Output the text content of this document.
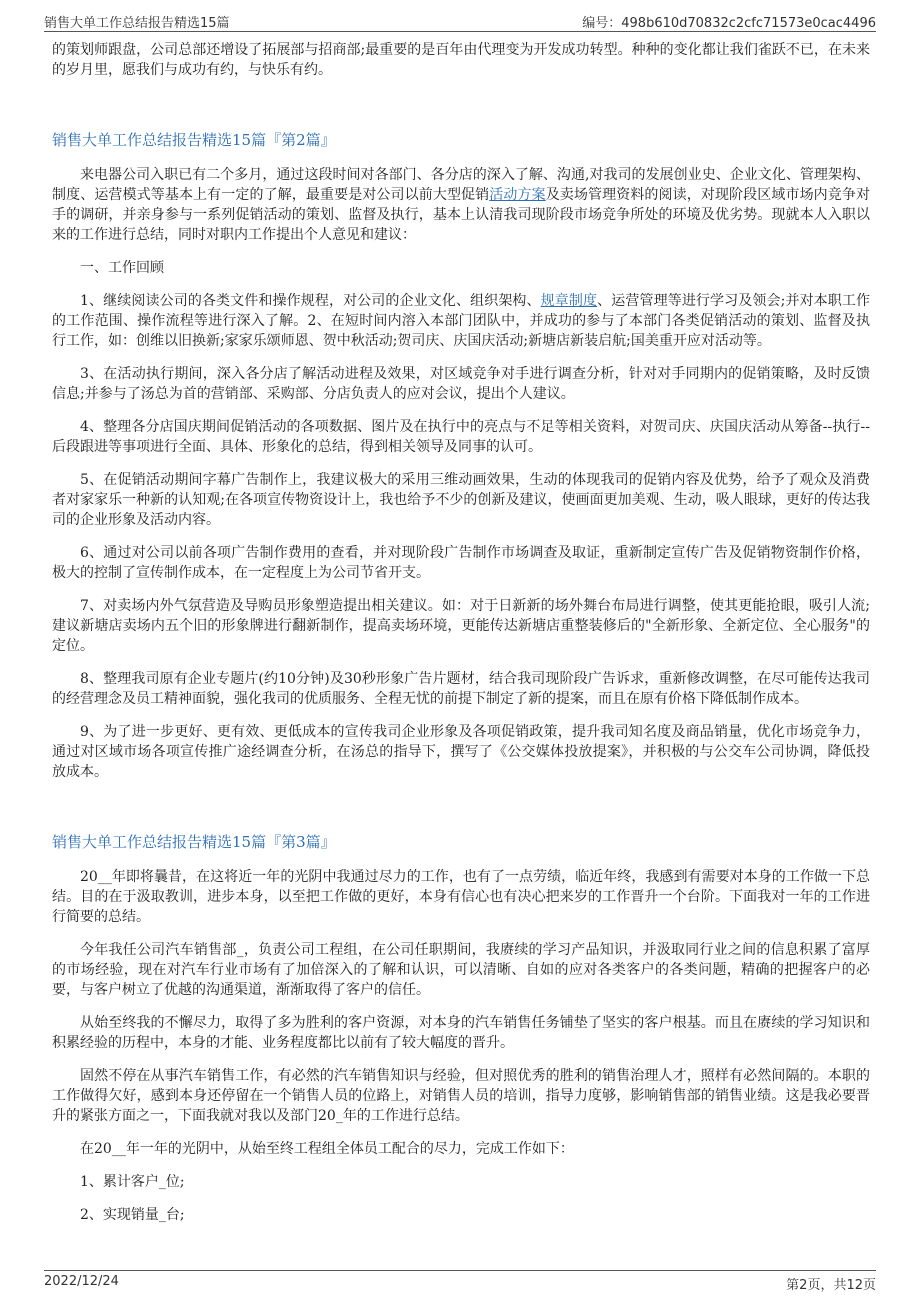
销售大单工作总结报告精选15篇	编号：498b610d70832c2cfc71573e0cac4496

的策划师跟盘，公司总部还增设了拓展部与招商部;最重要的是百年由代理变为开发成功转型。种种的变化都让我们雀跃不已，在未来的岁月里，愿我们与成功有约，与快乐有约。

销售大单工作总结报告精选15篇『第2篇』

来电器公司入职已有二个多月，通过这段时间对各部门、各分店的深入了解、沟通,对我司的发展创业史、企业文化、管理架构、制度、运营模式等基本上有一定的了解，最重要是对公司以前大型促销活动方案及卖场管理资料的阅读，对现阶段区域市场内竞争对手的调研，并亲身参与一系列促销活动的策划、监督及执行，基本上认清我司现阶段市场竞争所处的环境及优劣势。现就本人入职以来的工作进行总结，同时对职内工作提出个人意见和建议：

一、工作回顾

1、继续阅读公司的各类文件和操作规程，对公司的企业文化、组织架构、规章制度、运营管理等进行学习及领会;并对本职工作的工作范围、操作流程等进行深入了解。2、在短时间内溶入本部门团队中，并成功的参与了本部门各类促销活动的策划、监督及执行工作，如：创维以旧换新;家家乐颂师恩、贺中秋活动;贺司庆、庆国庆活动;新塘店新装启航;国美重开应对活动等。

3、在活动执行期间，深入各分店了解活动进程及效果，对区域竞争对手进行调查分析，针对对手同期内的促销策略，及时反馈信息;并参与了汤总为首的营销部、采购部、分店负责人的应对会议，提出个人建议。

4、整理各分店国庆期间促销活动的各项数据、图片及在执行中的亮点与不足等相关资料，对贺司庆、庆国庆活动从筹备--执行--后段跟进等事项进行全面、具体、形象化的总结，得到相关领导及同事的认可。

5、在促销活动期间字幕广告制作上，我建议极大的采用三维动画效果，生动的体现我司的促销内容及优势，给予了观众及消费者对家家乐一种新的认知观;在各项宣传物资设计上，我也给予不少的创新及建议，使画面更加美观、生动，吸人眼球，更好的传达我司的企业形象及活动内容。

6、通过对公司以前各项广告制作费用的查看，并对现阶段广告制作市场调查及取证，重新制定宣传广告及促销物资制作价格，极大的控制了宣传制作成本，在一定程度上为公司节省开支。

7、对卖场内外气氛营造及导购员形象塑造提出相关建议。如：对于日新新的场外舞台布局进行调整，使其更能抢眼，吸引人流;建议新塘店卖场内五个旧的形象牌进行翻新制作，提高卖场环境，更能传达新塘店重整装修后的"全新形象、全新定位、全心服务"的定位。

8、整理我司原有企业专题片(约10分钟)及30秒形象广告片题材，结合我司现阶段广告诉求，重新修改调整，在尽可能传达我司的经营理念及员工精神面貌，强化我司的优质服务、全程无忧的前提下制定了新的提案，而且在原有价格下降低制作成本。

9、为了进一步更好、更有效、更低成本的宣传我司企业形象及各项促销政策，提升我司知名度及商品销量，优化市场竞争力，通过对区域市场各项宣传推广途经调查分析，在汤总的指导下，撰写了《公交媒体投放提案》，并积极的与公交车公司协调，降低投放成本。

销售大单工作总结报告精选15篇『第3篇』

20__年即将曩昔，在这将近一年的光阴中我通过尽力的工作，也有了一点劳绩，临近年终，我感到有需要对本身的工作做一下总结。目的在于汲取教训，进步本身，以至把工作做的更好，本身有信心也有决心把来岁的工作晋升一个台阶。下面我对一年的工作进行简要的总结。

今年我任公司汽车销售部_，负责公司工程组，在公司任职期间，我赓续的学习产品知识，并汲取同行业之间的信息积累了富厚的市场经验，现在对汽车行业市场有了加倍深入的了解和认识，可以清晰、自如的应对各类客户的各类问题，精确的把握客户的必要，与客户树立了优越的沟通渠道，渐渐取得了客户的信任。

从始至终我的不懈尽力，取得了多为胜利的客户资源，对本身的汽车销售任务铺垫了坚实的客户根基。而且在赓续的学习知识和积累经验的历程中，本身的才能、业务程度都比以前有了较大幅度的晋升。

固然不停在从事汽车销售工作，有必然的汽车销售知识与经验，但对照优秀的胜利的销售治理人才，照样有必然间隔的。本职的工作做得欠好，感到本身还停留在一个销售人员的位路上，对销售人员的培训，指导力度够，影响销售部的销售业绩。这是我必要晋升的紧张方面之一，下面我就对我以及部门20_年的工作进行总结。

在20__年一年的光阴中，从始至终工程组全体员工配合的尽力，完成工作如下：

1、累计客户_位;

2、实现销量_台;

2022/12/24	第2页，共12页
